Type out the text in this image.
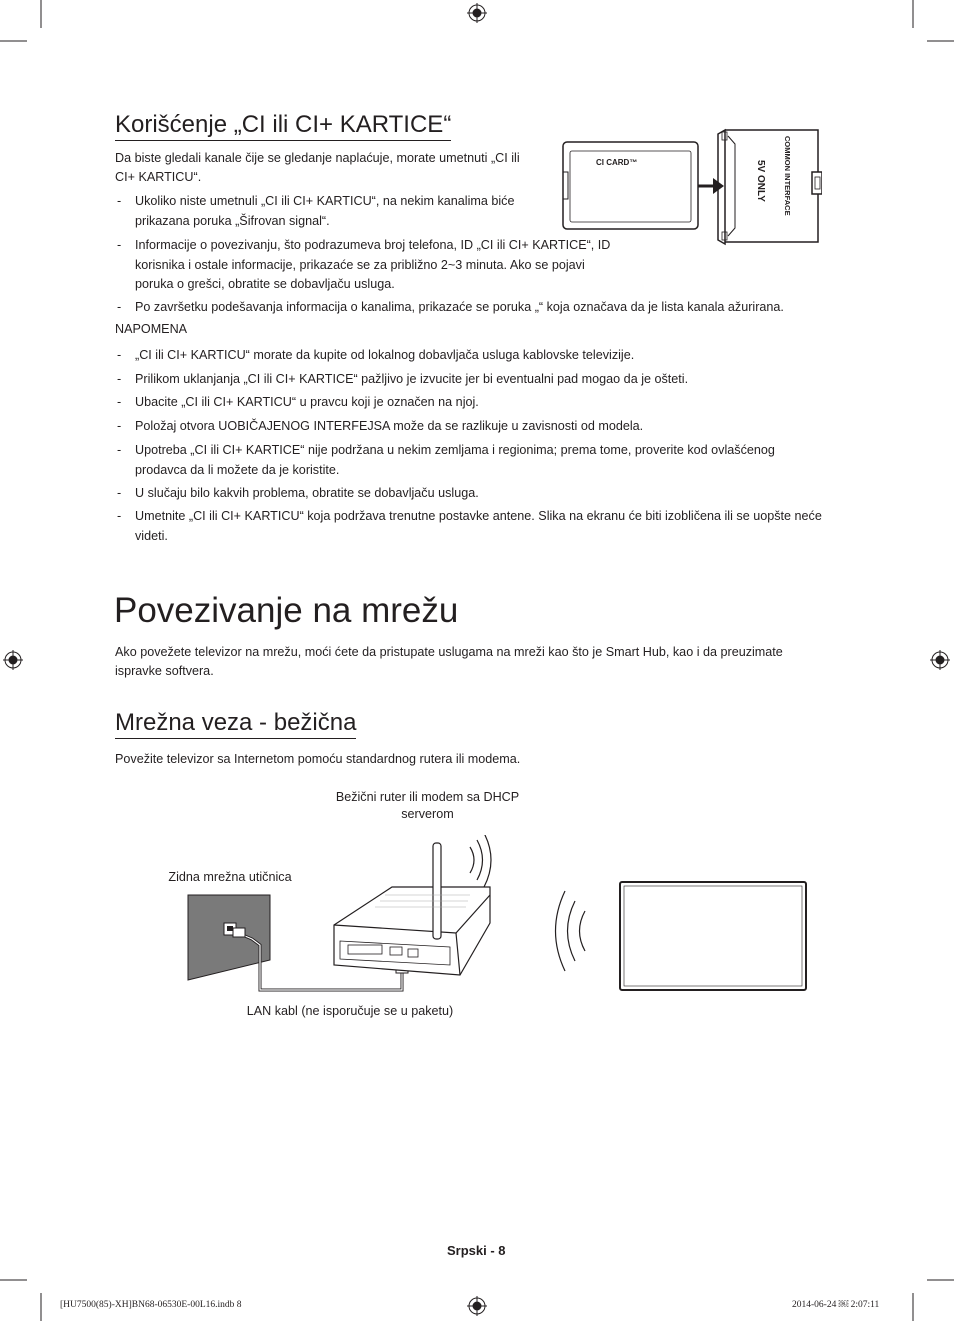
Korišćenje „CI ili CI+ KARTICE“
Da biste gledali kanale čije se gledanje naplaćuje, morate umetnuti „CI ili CI+ KARTICU“.
- Ukoliko niste umetnuli „CI ili CI+ KARTICU“, na nekim kanalima biće prikazana poruka „Šifrovan signal“.
- Informacije o povezivanju, što podrazumeva broj telefona, ID „CI ili CI+ KARTICE“, ID korisnika i ostale informacije, prikazaće se za približno 2~3 minuta. Ako se pojavi poruka o grešci, obratite se dobavljaču usluga.
- Po završetku podešavanja informacija o kanalima, prikazaće se poruka „“ koja označava da je lista kanala ažurirana.
NAPOMENA
- „CI ili CI+ KARTICU“ morate da kupite od lokalnog dobavljača usluga kablovske televizije.
- Prilikom uklanjanja „CI ili CI+ KARTICE“ pažljivo je izvucite jer bi eventualni pad mogao da je ošteti.
- Ubacite „CI ili CI+ KARTICU“ u pravcu koji je označen na njoj.
- Položaj otvora UOBIČAJENOG INTERFEJSA može da se razlikuje u zavisnosti od modela.
- Upotreba „CI ili CI+ KARTICE“ nije podržana u nekim zemljama i regionima; prema tome, proverite kod ovlašćenog prodavca da li možete da je koristite.
- U slučaju bilo kakvih problema, obratite se dobavljaču usluga.
- Umetnite „CI ili CI+ KARTICU“ koja podržava trenutne postavke antene. Slika na ekranu će biti izobličena ili se uopšte neće videti.
CI CARD™	COMMON INTERFACE
5V ONLY
Povezivanje na mrežu
Ako povežete televizor na mrežu, moći ćete da pristupate uslugama na mreži kao što je Smart Hub, kao i da preuzimate ispravke softvera.
Mrežna veza - bežična
Povežite televizor sa Internetom pomoću standardnog rutera ili modema.
Bežični ruter ili modem sa DHCP serverom
Zidna mrežna utičnica
LAN kabl (ne isporučuje se u paketu)
Srpski - 8
[HU7500(85)-XH]BN68-06530E-00L16.indb 8	2014-06-24 ￼ 2:07:11
